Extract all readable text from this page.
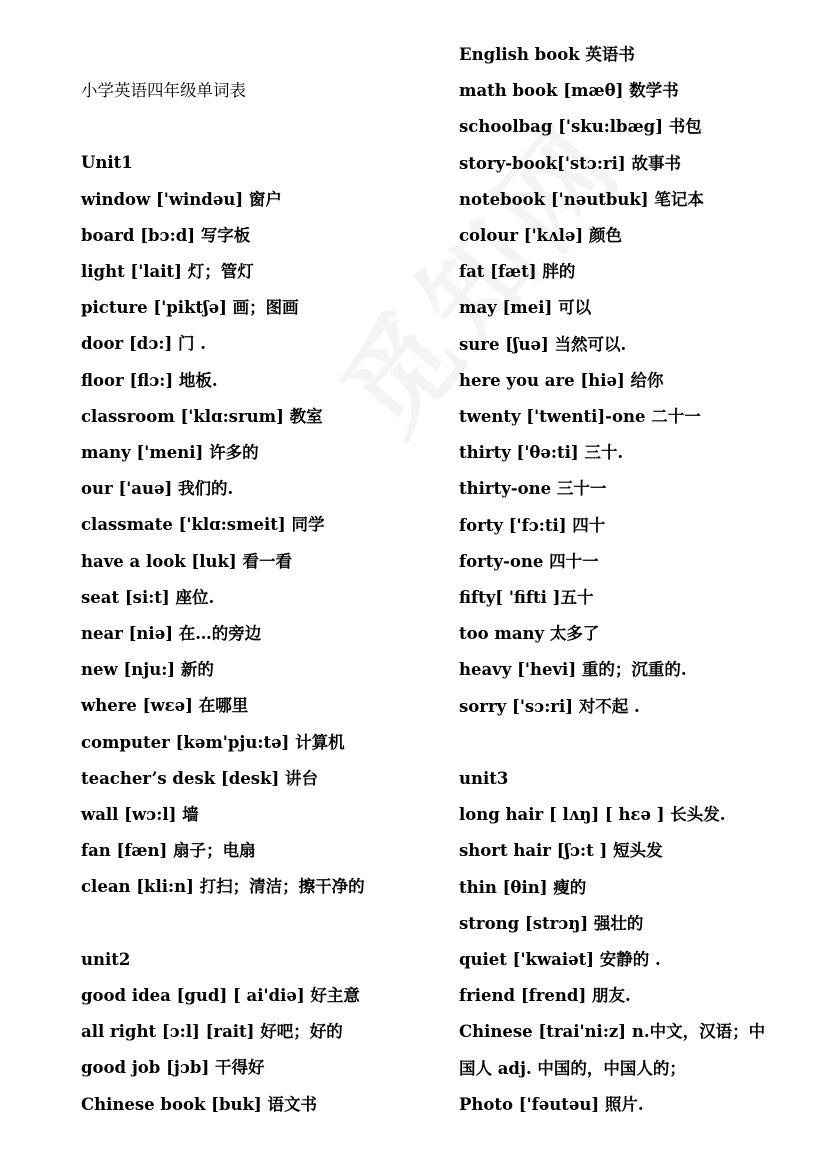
小学英语四年级单词表
Unit1
window ['windəu] 窗户
board [bɔ:d] 写字板
light ['lait] 灯；管灯
picture ['piktʃə] 画；图画
door [dɔ:] 门 .
floor [flɔ:] 地板.
classroom ['klɑ:srum] 教室
many ['meni] 许多的
our ['auə] 我们的.
classmate ['klɑ:smeit] 同学
have a look [luk] 看一看
seat [si:t] 座位.
near [niə] 在…的旁边
new [nju:] 新的
where [wɛə] 在哪里
computer [kəm'pju:tə] 计算机
teacher’s desk [desk] 讲台
wall [wɔ:l] 墙
fan [fæn] 扇子；电扇
clean [kli:n] 打扫；清洁；擦干净的
unit2
good idea [gud] [ ai'diə] 好主意
all right [ɔ:l] [rait] 好吧；好的
good job [jɔb] 干得好
Chinese book [buk] 语文书
English book 英语书
math book [mæθ] 数学书
schoolbag ['sku:lbæg] 书包
story-book['stɔ:ri] 故事书
notebook ['nəutbuk] 笔记本
colour ['kʌlə] 颜色
fat [fæt] 胖的
may [mei] 可以
sure [ʃuə] 当然可以.
here you are [hiə] 给你
twenty ['twenti]-one 二十一
thirty ['θə:ti] 三十.
thirty-one 三十一
forty ['fɔ:ti] 四十
forty-one 四十一
fifty[ 'fifti ]五十
too many 太多了
heavy ['hevi] 重的；沉重的.
sorry ['sɔ:ri] 对不起 .
unit3
long hair [ lʌŋ] [ hɛə ] 长头发.
short hair [ʃɔ:t ] 短头发
thin [θin] 瘦的
strong [strɔŋ] 强壮的
quiet ['kwaiət] 安静的 .
friend [frend] 朋友.
Chinese [trai'ni:z] n.中文，汉语；中国人 adj. 中国的，中国人的；
Photo ['fəutəu] 照片.
